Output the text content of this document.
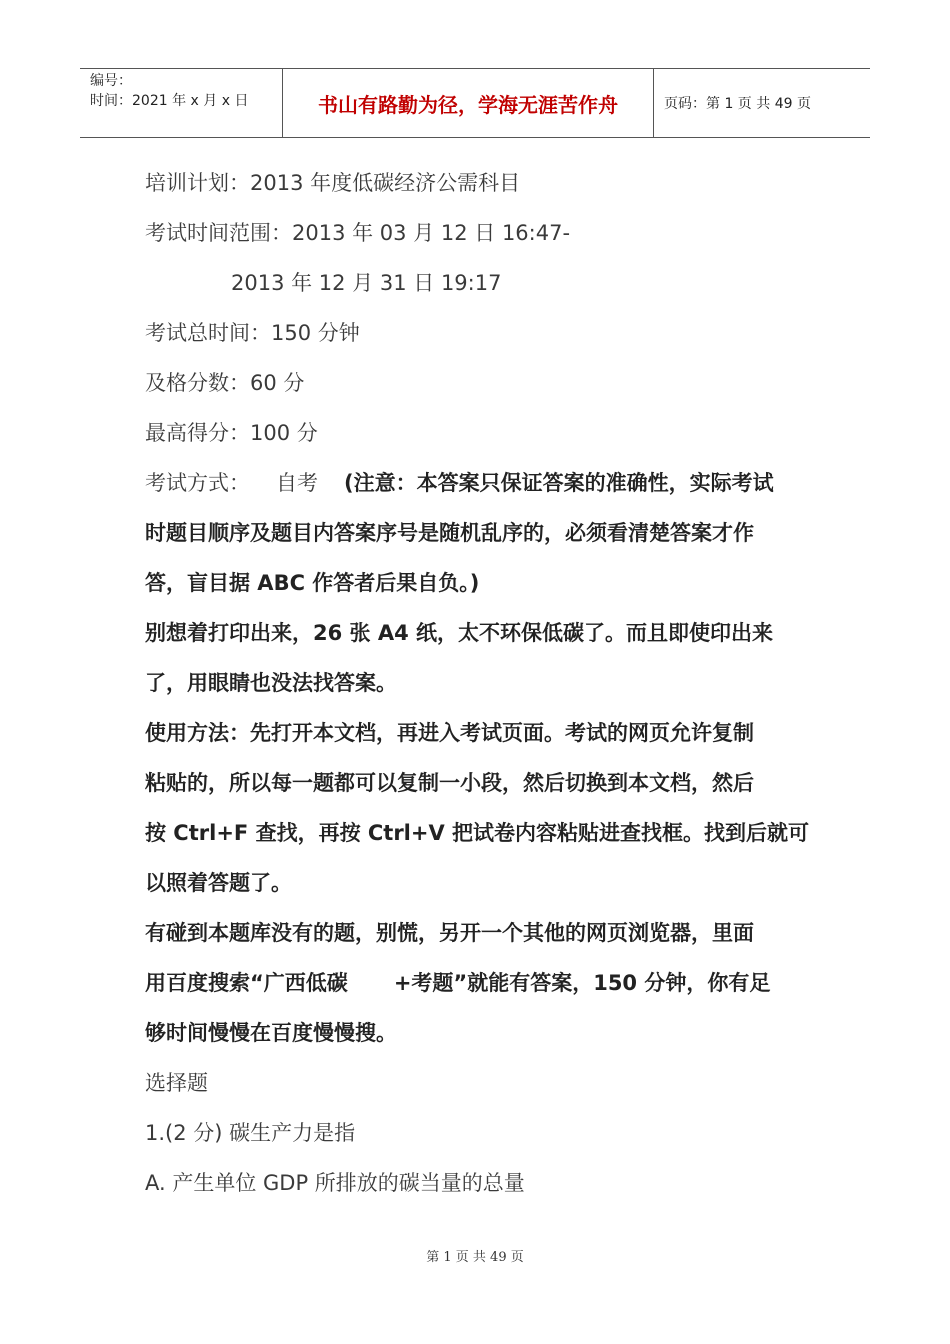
编号：
时间：2021 年 x 月 x 日	书山有路勤为径，学海无涯苦作舟	页码：第 1 页 共 49 页
培训计划：2013 年度低碳经济公需科目
考试时间范围：2013 年 03 月 12 日 16:47-
2013 年 12 月 31 日 19:17
考试总时间：150 分钟
及格分数：60 分
最高得分：100 分
考试方式： 自考 (注意：本答案只保证答案的准确性，实际考试
时题目顺序及题目内答案序号是随机乱序的，必须看清楚答案才作
答，盲目据 ABC 作答者后果自负。)
别想着打印出来，26 张 A4 纸，太不环保低碳了。而且即使印出来
了，用眼睛也没法找答案。
使用方法：先打开本文档，再进入考试页面。考试的网页允许复制
粘贴的，所以每一题都可以复制一小段，然后切换到本文档，然后
按 Ctrl+F 查找，再按 Ctrl+V 把试卷内容粘贴进查找框。找到后就可
以照着答题了。
有碰到本题库没有的题，别慌，另开一个其他的网页浏览器，里面
用百度搜索“广西低碳 +考题”就能有答案，150 分钟，你有足
够时间慢慢在百度慢慢搜。
选择题
1.(2 分) 碳生产力是指
A. 产生单位 GDP 所排放的碳当量的总量
第 1 页 共 49 页
